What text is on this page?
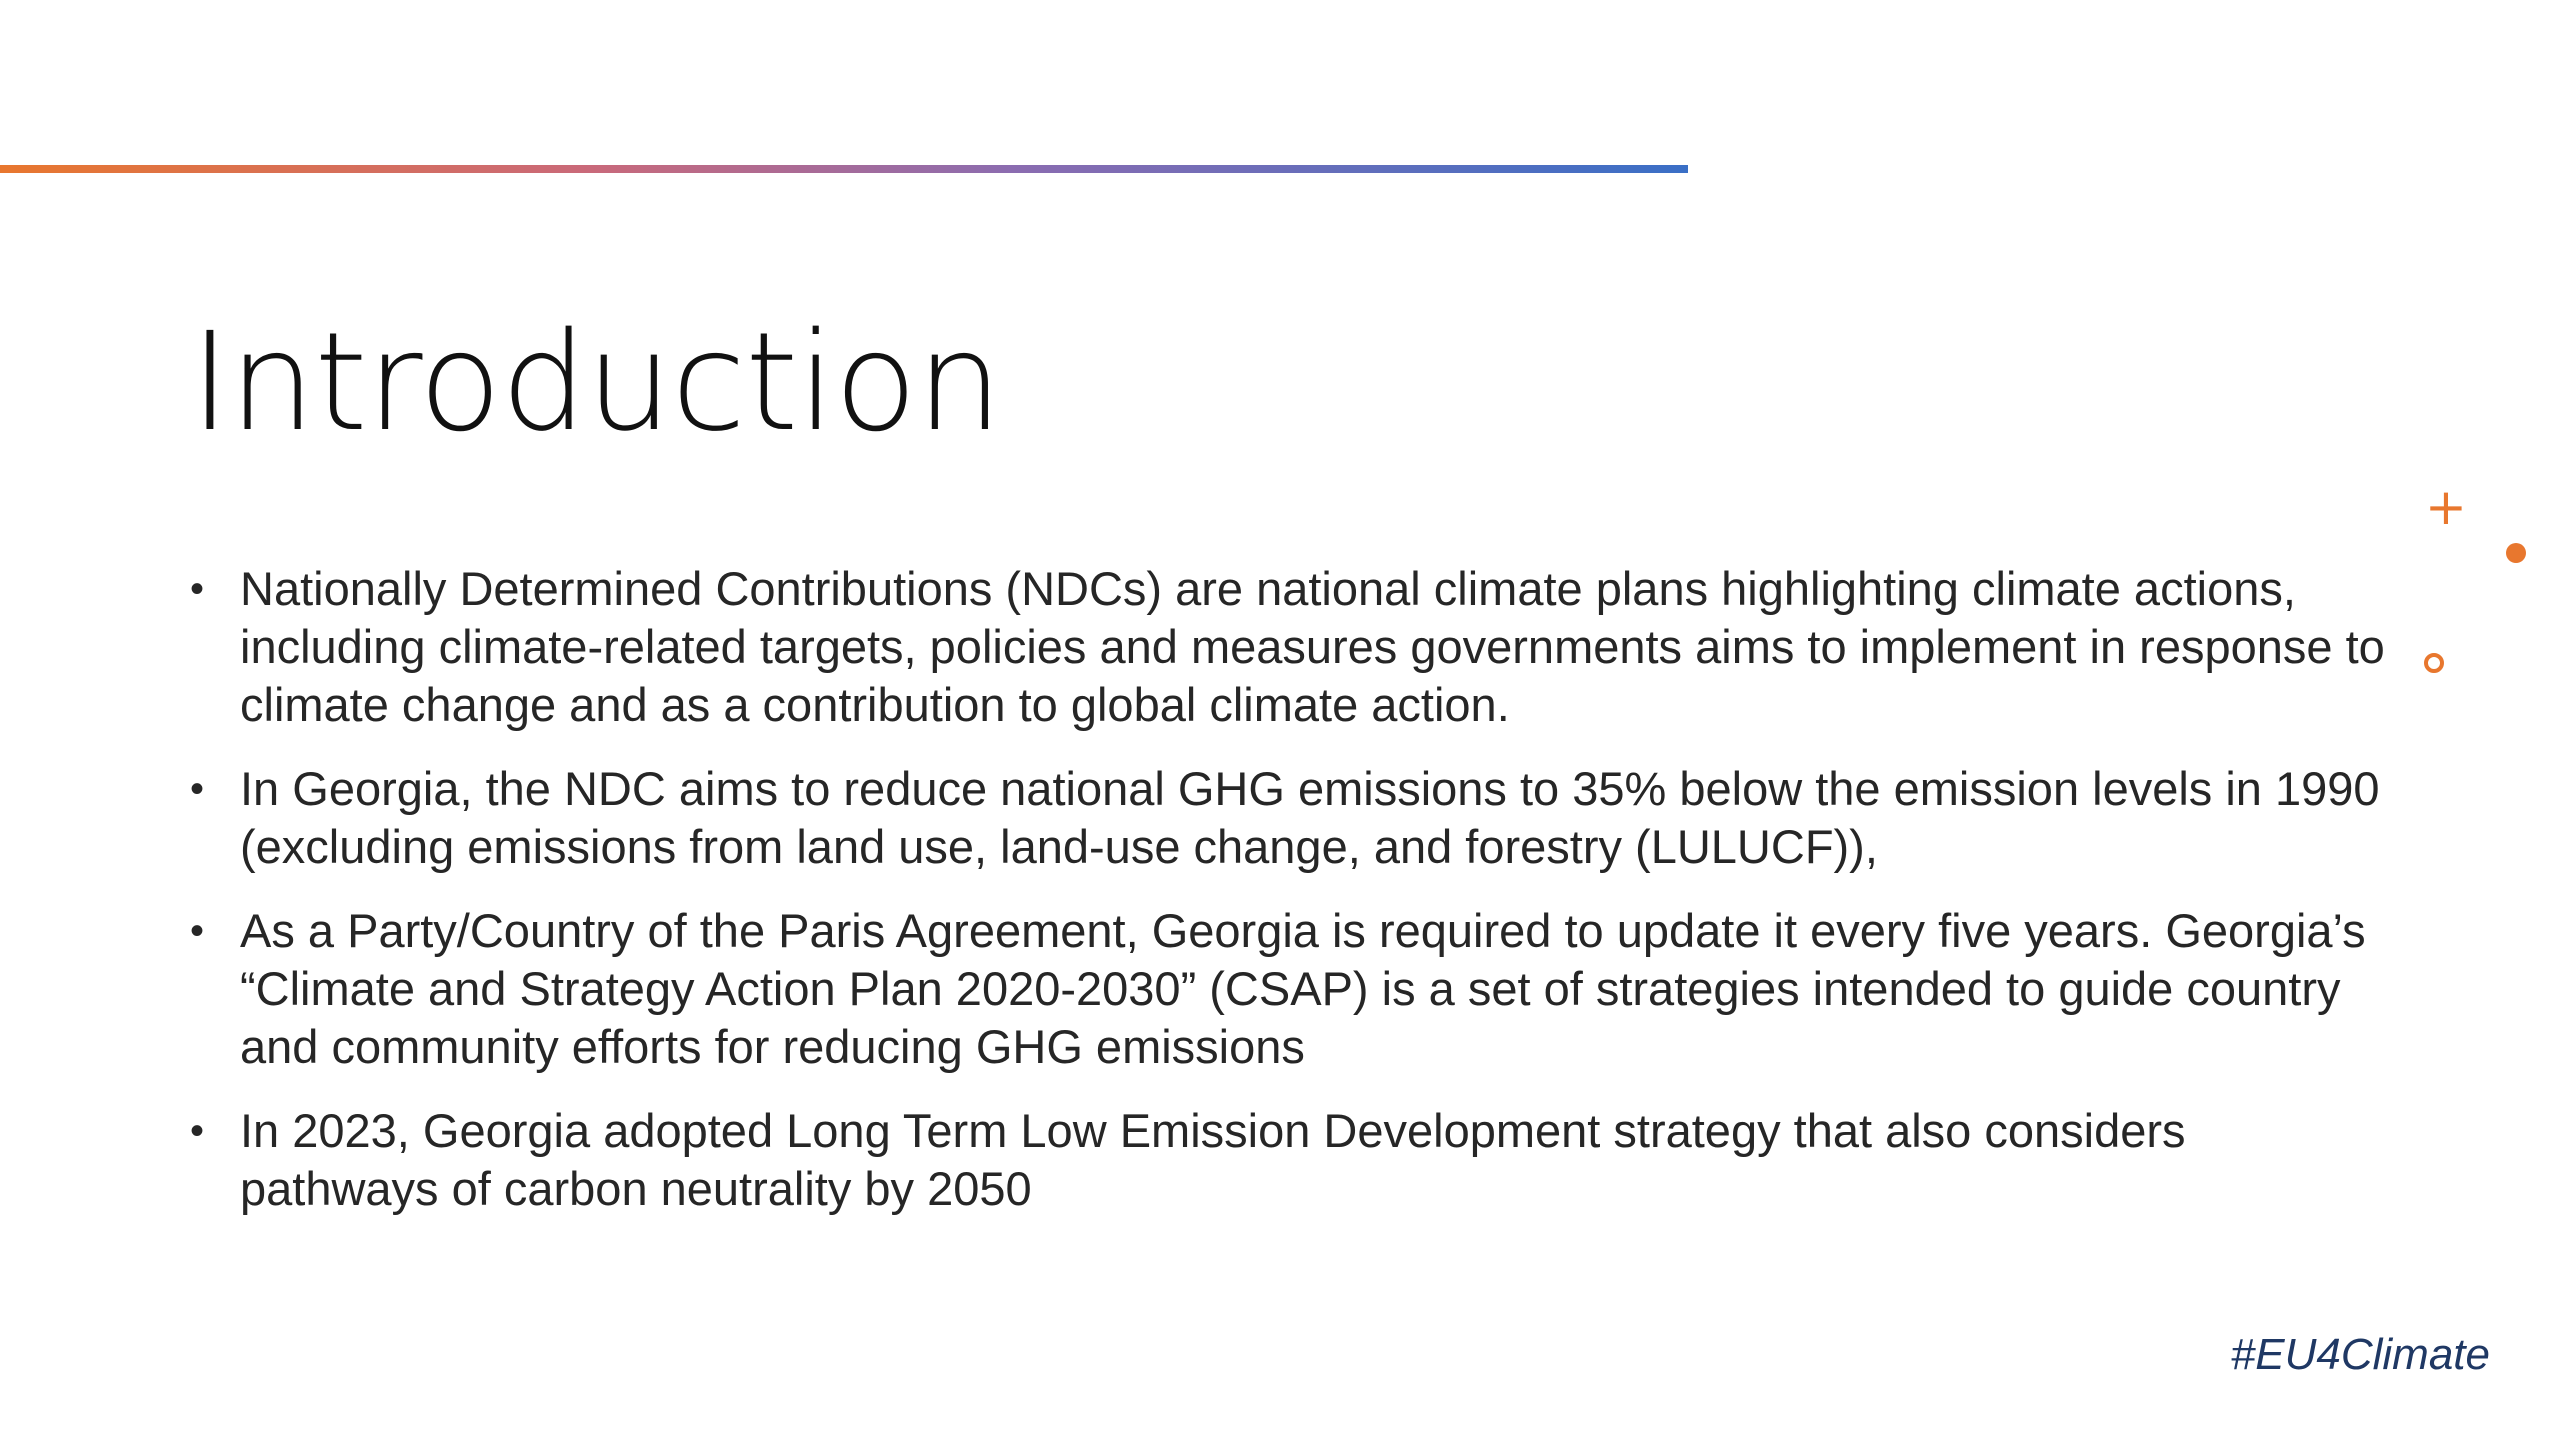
Introduction
• Nationally Determined Contributions (NDCs) are national climate plans highlighting climate actions, including climate-related targets, policies and measures governments aims to implement in response to climate change and as a contribution to global climate action.
• In Georgia, the NDC aims to reduce national GHG emissions to 35% below the emission levels in 1990 (excluding emissions from land use, land-use change, and forestry (LULUCF)),
• As a Party/Country of the Paris Agreement, Georgia is required to update it every five years. Georgia’s “Climate and Strategy Action Plan 2020-2030” (CSAP) is a set of strategies intended to guide country and community efforts for reducing GHG emissions
• In 2023, Georgia adopted Long Term Low Emission Development strategy that also considers pathways of carbon neutrality by 2050
+
#EU4Climate
